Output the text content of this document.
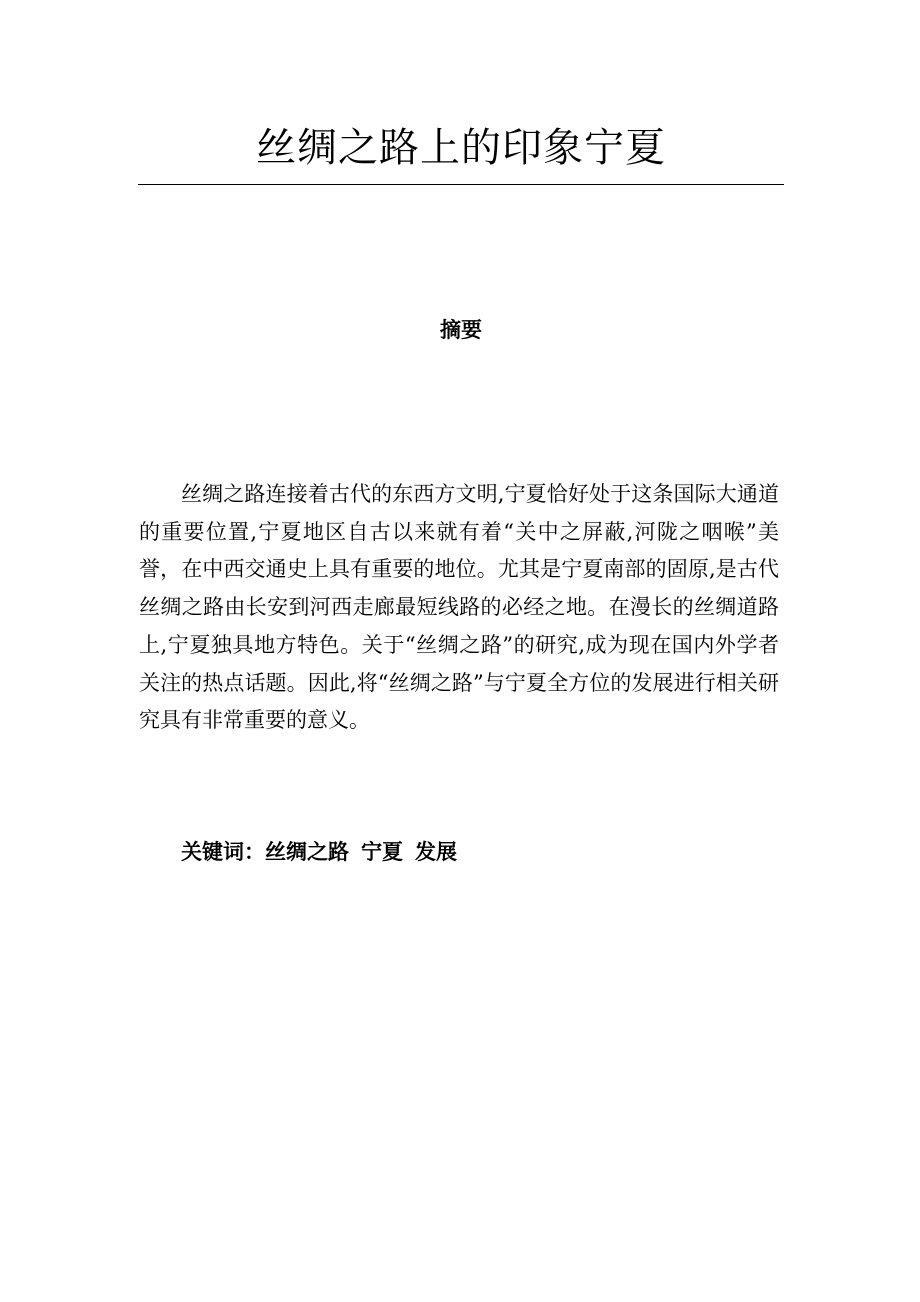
丝绸之路上的印象宁夏
摘要

丝绸之路连接着古代的东西方文明,宁夏恰好处于这条国际大通道的重要位置,宁夏地区自古以来就有着“关中之屏蔽,河陇之咽喉”美誉，在中西交通史上具有重要的地位。尤其是宁夏南部的固原,是古代丝绸之路由长安到河西走廊最短线路的必经之地。在漫长的丝绸道路上,宁夏独具地方特色。关于“丝绸之路”的研究,成为现在国内外学者关注的热点话题。因此,将“丝绸之路”与宁夏全方位的发展进行相关研究具有非常重要的意义。

关键词：丝绸之路 宁夏 发展
